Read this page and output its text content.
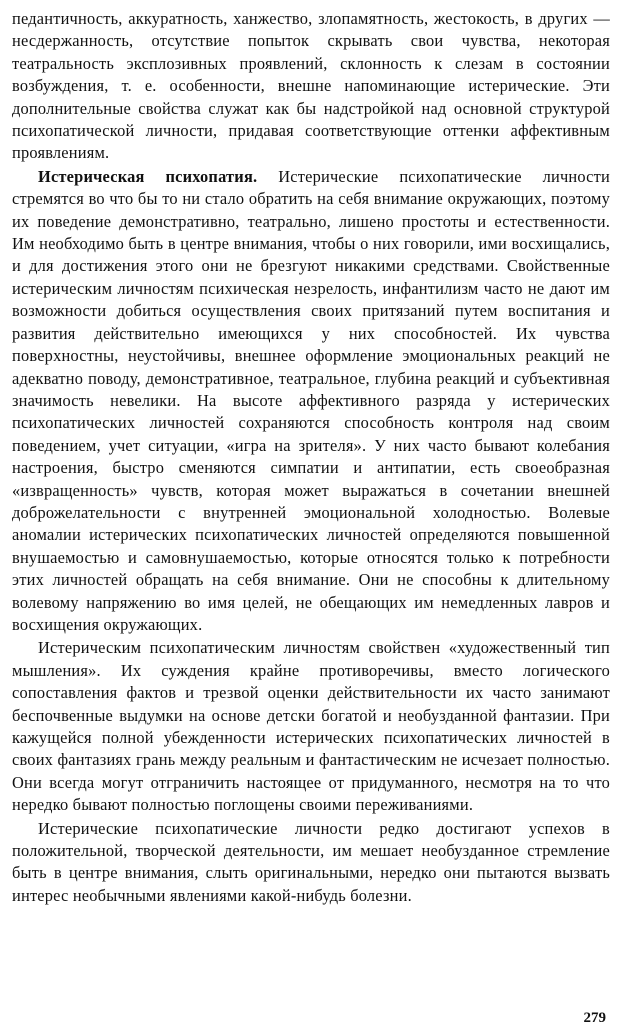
педантичность, аккуратность, ханжество, злопамятность, жестокость, в других — несдержанность, отсутствие попыток скрывать свои чувства, некоторая театральность эксплозивных проявлений, склонность к слезам в состоянии возбуждения, т. е. особенности, внешне напоминающие истерические. Эти дополнительные свойства служат как бы надстройкой над основной структурой психопатической личности, придавая соответствующие оттенки аффективным проявлениям.

Истерическая психопатия. Истерические психопатические личности стремятся во что бы то ни стало обратить на себя внимание окружающих, поэтому их поведение демонстративно, театрально, лишено простоты и естественности. Им необходимо быть в центре внимания, чтобы о них говорили, ими восхищались, и для достижения этого они не брезгуют никакими средствами. Свойственные истерическим личностям психическая незрелость, инфантилизм часто не дают им возможности добиться осуществления своих притязаний путем воспитания и развития действительно имеющихся у них способностей. Их чувства поверхностны, неустойчивы, внешнее оформление эмоциональных реакций не адекватно поводу, демонстративное, театральное, глубина реакций и субъективная значимость невелики. На высоте аффективного разряда у истерических психопатических личностей сохраняются способность контроля над своим поведением, учет ситуации, «игра на зрителя». У них часто бывают колебания настроения, быстро сменяются симпатии и антипатии, есть своеобразная «извращенность» чувств, которая может выражаться в сочетании внешней доброжелательности с внутренней эмоциональной холодностью. Волевые аномалии истерических психопатических личностей определяются повышенной внушаемостью и самовнушаемостью, которые относятся только к потребности этих личностей обращать на себя внимание. Они не способны к длительному волевому напряжению во имя целей, не обещающих им немедленных лавров и восхищения окружающих.

Истерическим психопатическим личностям свойствен «художественный тип мышления». Их суждения крайне противоречивы, вместо логического сопоставления фактов и трезвой оценки действительности их часто занимают беспочвенные выдумки на основе детски богатой и необузданной фантазии. При кажущейся полной убежденности истерических психопатических личностей в своих фантазиях грань между реальным и фантастическим не исчезает полностью. Они всегда могут отграничить настоящее от придуманного, несмотря на то что нередко бывают полностью поглощены своими переживаниями.

Истерические психопатические личности редко достигают успехов в положительной, творческой деятельности, им мешает необузданное стремление быть в центре внимания, слыть оригинальными, нередко они пытаются вызвать интерес необычными явлениями какой-нибудь болезни.

279
